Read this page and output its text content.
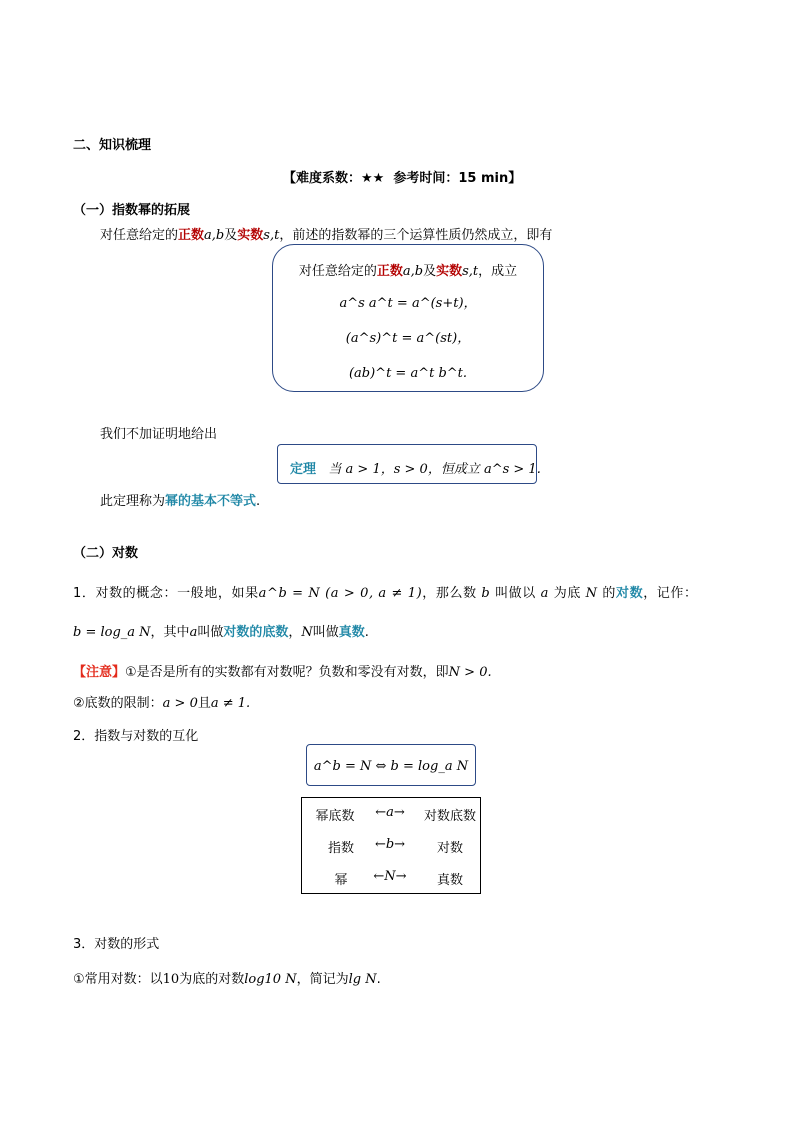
二、知识梳理
【难度系数：★★ 参考时间：15 min】
（一）指数幂的拓展
对任意给定的正数a,b及实数s,t，前述的指数幂的三个运算性质仍然成立，即有
对任意给定的正数a,b及实数s,t，成立
a^s a^t = a^(s+t)，
(a^s)^t = a^(st)，
(ab)^t = a^t b^t.
我们不加证明地给出
定理 当 a > 1，s > 0，恒成立 a^s > 1.
此定理称为幂的基本不等式.
（二）对数
1．对数的概念：一般地，如果a^b = N (a > 0, a ≠ 1)，那么数 b 叫做以 a 为底 N 的对数，记作：
b = log_a N，其中a叫做对数的底数，N叫做真数.
【注意】①是否是所有的实数都有对数呢？负数和零没有对数，即N > 0.
②底数的限制：a > 0且a ≠ 1.
2．指数与对数的互化
a^b = N ⇔ b = log_a N
幂底数	←a→	对数底数
指数	←b→	对数
幂	←N→	真数
3．对数的形式
①常用对数：以10为底的对数log10 N，简记为lg N.
